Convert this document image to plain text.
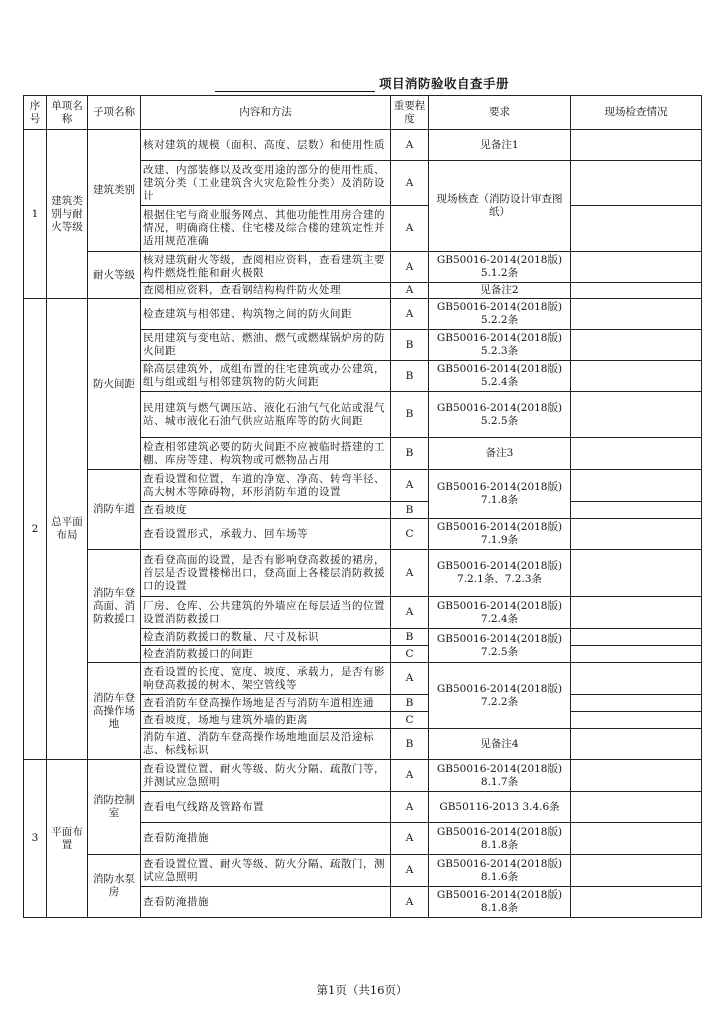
项目消防验收自查手册
序号	单项名称	子项名称	内容和方法	重要程度	要求	现场检查情况
1	建筑类别与耐火等级	建筑类别	核对建筑的规模（面积、高度、层数）和使用性质	A	见备注1	
			改建、内部装修以及改变用途的部分的使用性质、建筑分类（工业建筑含火灾危险性分类）及消防设计	A	现场核查（消防设计审查图纸）	
			根据住宅与商业服务网点、其他功能性用房合建的情况，明确商住楼、住宅楼及综合楼的建筑定性并适用规范准确	A		
		耐火等级	核对建筑耐火等级，查阅相应资料，查看建筑主要构件燃烧性能和耐火极限	A	GB50016-2014(2018版) 5.1.2条	
			查阅相应资料，查看钢结构构件防火处理	A	见备注2	
2	总平面布局	防火间距	检查建筑与相邻建、构筑物之间的防火间距	A	GB50016-2014(2018版) 5.2.2条	
			民用建筑与变电站、燃油、燃气或燃煤锅炉房的防火间距	B	GB50016-2014(2018版) 5.2.3条	
			除高层建筑外，成组布置的住宅建筑或办公建筑，组与组或组与相邻建筑物的防火间距	B	GB50016-2014(2018版) 5.2.4条	
			民用建筑与燃气调压站、液化石油气气化站或混气站、城市液化石油气供应站瓶库等的防火间距	B	GB50016-2014(2018版) 5.2.5条	
			检查相邻建筑必要的防火间距不应被临时搭建的工棚、库房等建、构筑物或可燃物品占用	B	备注3	
		消防车道	查看设置和位置，车道的净宽、净高、转弯半径、高大树木等障碍物，环形消防车道的设置	A	GB50016-2014(2018版) 7.1.8条	
			查看坡度	B		
			查看设置形式，承载力、回车场等	C	GB50016-2014(2018版) 7.1.9条	
		消防车登高面、消防救援口	查看登高面的设置，是否有影响登高救援的裙房，首层是否设置楼梯出口，登高面上各楼层消防救援口的设置	A	GB50016-2014(2018版) 7.2.1条、7.2.3条	
			厂房、仓库、公共建筑的外墙应在每层适当的位置设置消防救援口	A	GB50016-2014(2018版) 7.2.4条	
			检查消防救援口的数量、尺寸及标识	B	GB50016-2014(2018版) 7.2.5条	
			检查消防救援口的间距	C		
		消防车登高操作场地	查看设置的长度、宽度、坡度、承载力，是否有影响登高救援的树木、架空管线等	A	GB50016-2014(2018版) 7.2.2条	
			查看消防车登高操作场地是否与消防车道相连通	B		
			查看坡度，场地与建筑外墙的距离	C		
			消防车道、消防车登高操作场地地面层及沿途标志、标线标识	B	见备注4	
3	平面布置	消防控制室	查看设置位置、耐火等级、防火分隔、疏散门等，并测试应急照明	A	GB50016-2014(2018版) 8.1.7条	
			查看电气线路及管路布置	A	GB50116-2013 3.4.6条	
			查看防淹措施	A	GB50016-2014(2018版) 8.1.8条	
		消防水泵房	查看设置位置、耐火等级、防火分隔、疏散门，测试应急照明	A	GB50016-2014(2018版) 8.1.6条	
			查看防淹措施	A	GB50016-2014(2018版) 8.1.8条	
第1页（共16页）
